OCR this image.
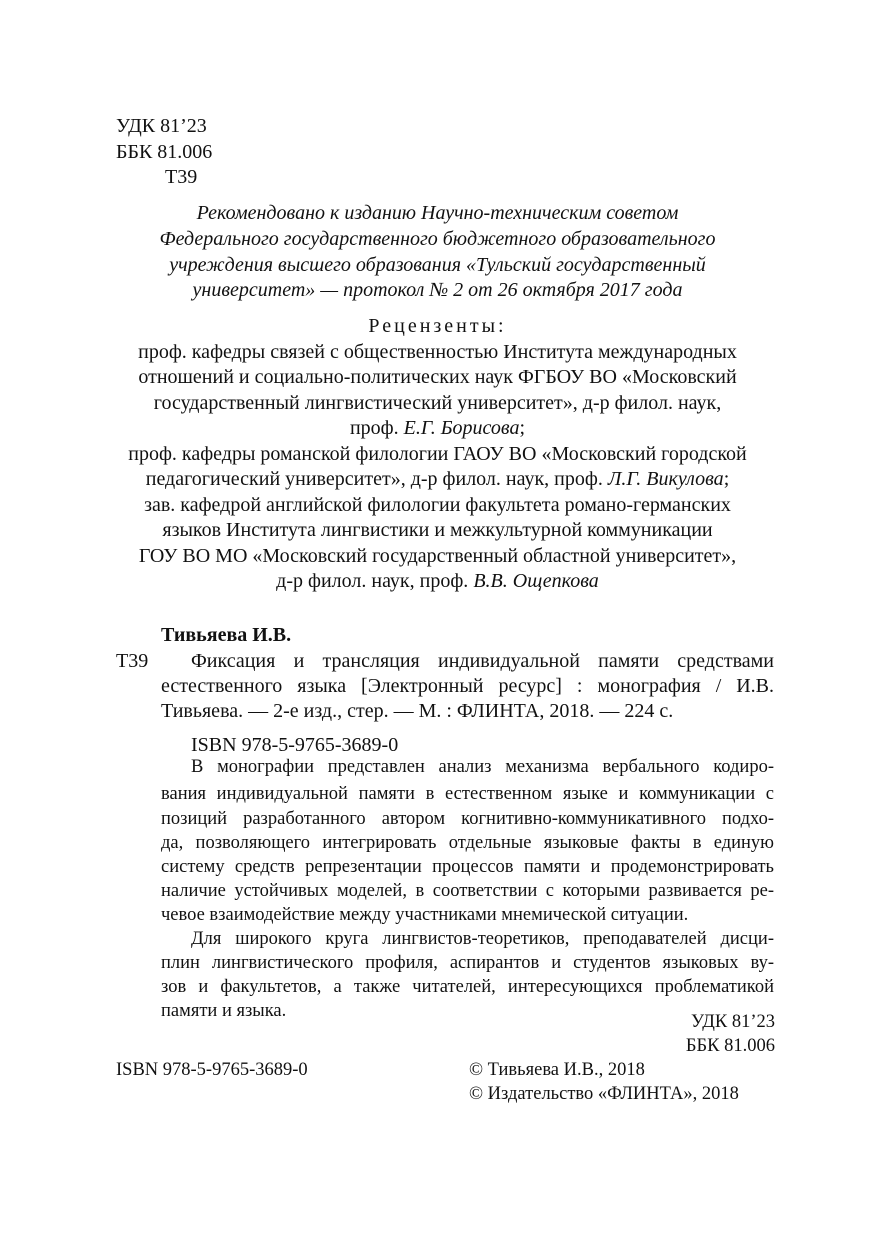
УДК 81’23
ББК 81.006
Т39
Рекомендовано к изданию Научно-техническим советом
Федерального государственного бюджетного образовательного
учреждения высшего образования «Тульский государственный
университет» — протокол № 2 от 26 октября 2017 года
Рецензенты:
проф. кафедры связей с общественностью Института международных
отношений и социально-политических наук ФГБОУ ВО «Московский
государственный лингвистический университет», д-р филол. наук,
проф. Е.Г. Борисова;
проф. кафедры романской филологии ГАОУ ВО «Московский городской
педагогический университет», д-р филол. наук, проф. Л.Г. Викулова;
зав. кафедрой английской филологии факультета романо-германских
языков Института лингвистики и межкультурной коммуникации
ГОУ ВО МО «Московский государственный областной университет»,
д-р филол. наук, проф. В.В. Ощепкова
Тивьяева И.В.
Т39 Фиксация и трансляция индивидуальной памяти средствами
естественного языка [Электронный ресурс] : монография / И.В.
Тивьяева. — 2-е изд., стер. — М. : ФЛИНТА, 2018. — 224 с.
ISBN 978-5-9765-3689-0
В монографии представлен анализ механизма вербального кодиро-
вания индивидуальной памяти в естественном языке и коммуникации с
позиций разработанного автором когнитивно-коммуникативного подхо-
да, позволяющего интегрировать отдельные языковые факты в единую
систему средств репрезентации процессов памяти и продемонстрировать
наличие устойчивых моделей, в соответствии с которыми развивается ре-
чевое взаимодействие между участниками мнемической ситуации.
Для широкого круга лингвистов-теоретиков, преподавателей дисци-
плин лингвистического профиля, аспирантов и студентов языковых ву-
зов и факультетов, а также читателей, интересующихся проблематикой
памяти и языка.
УДК 81’23
ББК 81.006
ISBN 978-5-9765-3689-0	© Тивьяева И.В., 2018
© Издательство «ФЛИНТА», 2018
